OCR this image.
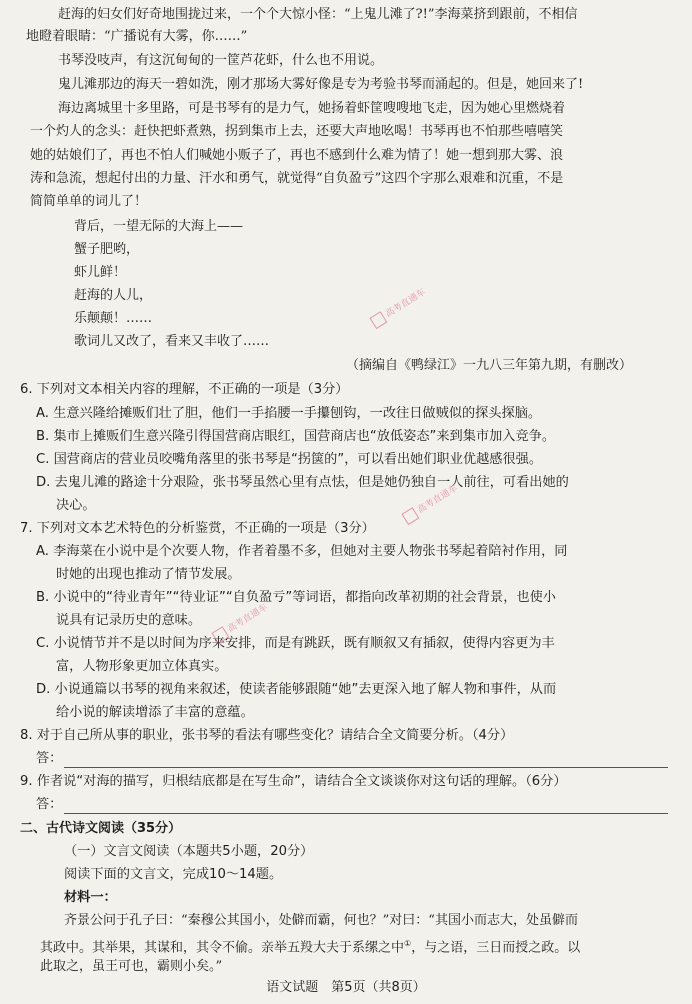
赶海的妇女们好奇地围拢过来，一个个大惊小怪：“上鬼儿滩了?!”李海菜挤到跟前，不相信
地瞪着眼睛：“广播说有大雾，你……”
书琴没吱声，有这沉甸甸的一筐芦花虾，什么也不用说。
鬼儿滩那边的海天一碧如洗，刚才那场大雾好像是专为考验书琴而涌起的。但是，她回来了!
海边离城里十多里路，可是书琴有的是力气，她扬着虾筐嗖嗖地飞走，因为她心里燃烧着
一个灼人的念头：赶快把虾煮熟，拐到集市上去，还要大声地吆喝！书琴再也不怕那些嘻嘻笑
她的姑娘们了，再也不怕人们喊她小贩子了，再也不感到什么难为情了！她一想到那大雾、浪
涛和急流，想起付出的力量、汗水和勇气，就觉得“自负盈亏”这四个字那么艰难和沉重，不是
简简单单的词儿了！
背后，一望无际的大海上——
蟹子肥哟，
虾儿鲜！
赶海的人儿，
乐颠颠！……
歌词儿又改了，看来又丰收了……
（摘编自《鸭绿江》一九八三年第九期，有删改）
6. 下列对文本相关内容的理解，不正确的一项是（3分）
A. 生意兴隆给摊贩们壮了胆，他们一手掐腰一手攥刨钩，一改往日做贼似的探头探脑。
B. 集市上摊贩们生意兴隆引得国营商店眼红，国营商店也“放低姿态”来到集市加入竞争。
C. 国营商店的营业员咬嘴角落里的张书琴是“拐箧的”，可以看出她们职业优越感很强。
D. 去鬼儿滩的路途十分艰险，张书琴虽然心里有点怯，但是她仍独自一人前往，可看出她的
决心。
7. 下列对文本艺术特色的分析鉴赏，不正确的一项是（3分）
A. 李海菜在小说中是个次要人物，作者着墨不多，但她对主要人物张书琴起着陪衬作用，同
时她的出现也推动了情节发展。
B. 小说中的“待业青年”“待业证”“自负盈亏”等词语，都指向改革初期的社会背景，也使小
说具有记录历史的意味。
C. 小说情节并不是以时间为序来安排，而是有跳跃，既有顺叙又有插叙，使得内容更为丰
富，人物形象更加立体真实。
D. 小说通篇以书琴的视角来叙述，使读者能够跟随“她”去更深入地了解人物和事件，从而
给小说的解读增添了丰富的意蕴。
8. 对于自己所从事的职业，张书琴的看法有哪些变化？请结合全文简要分析。（4分）
答：
9. 作者说“对海的描写，归根结底都是在写生命”，请结合全文谈谈你对这句话的理解。（6分）
答：
二、古代诗文阅读（35分）
（一）文言文阅读（本题共5小题，20分）
阅读下面的文言文，完成10～14题。
材料一：
齐景公问于孔子曰：“秦穆公其国小，处僻而霸，何也？”对曰：“其国小而志大，处虽僻而
其政中。其举果，其谋和，其令不偷。亲举五羖大夫于系缧之中①，与之语，三日而授之政。以
此取之，虽王可也，霸则小矣。”
语文试题　第5页（共8页）
高考直通车
高考直通车
高考直通车
